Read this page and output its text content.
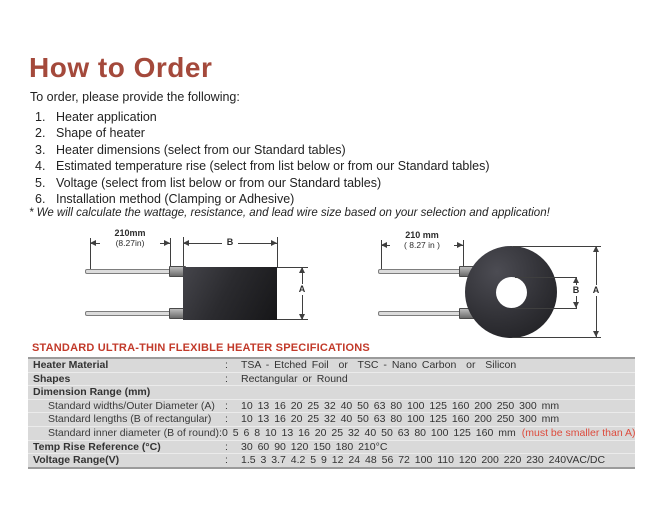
How to Order
To order, please provide the following:
1. Heater application
2. Shape of heater
3. Heater dimensions (select from our Standard tables)
4. Estimated temperature rise (select from list below or from our Standard tables)
5. Voltage (select from list below or from our Standard tables)
6. Installation method (Clamping or Adhesive)
* We will calculate the wattage, resistance, and lead wire size based on your selection and application!
210mm
(8.27in)	B
A
210 mm
( 8.27 in )
B	A
STANDARD ULTRA-THIN FLEXIBLE HEATER SPECIFICATIONS
Heater Material	:	TSA - Etched Foil  or  TSC - Nano Carbon  or  Silicon
Shapes	:	Rectangular or Round
Dimension Range (mm)
Standard widths/Outer Diameter (A) :	10 13 16 20 25 32 40 50 63 80 100 125 160 200 250 300 mm
Standard lengths (B of rectangular)	:	10 13 16 20 25 32 40 50 63 80 100 125 160 200 250 300 mm
Standard inner diameter (B of round) : 0 5 6 8 10 13 16 20 25 32 40 50 63 80 100 125 160 mm (must be smaller than A)
Temp Rise Reference (°C)	:	30 60 90 120 150 180 210°C
Voltage Range(V)	:	1.5 3 3.7 4.2 5 9 12 24 48 56 72 100 110 120 200 220 230 240VAC/DC
